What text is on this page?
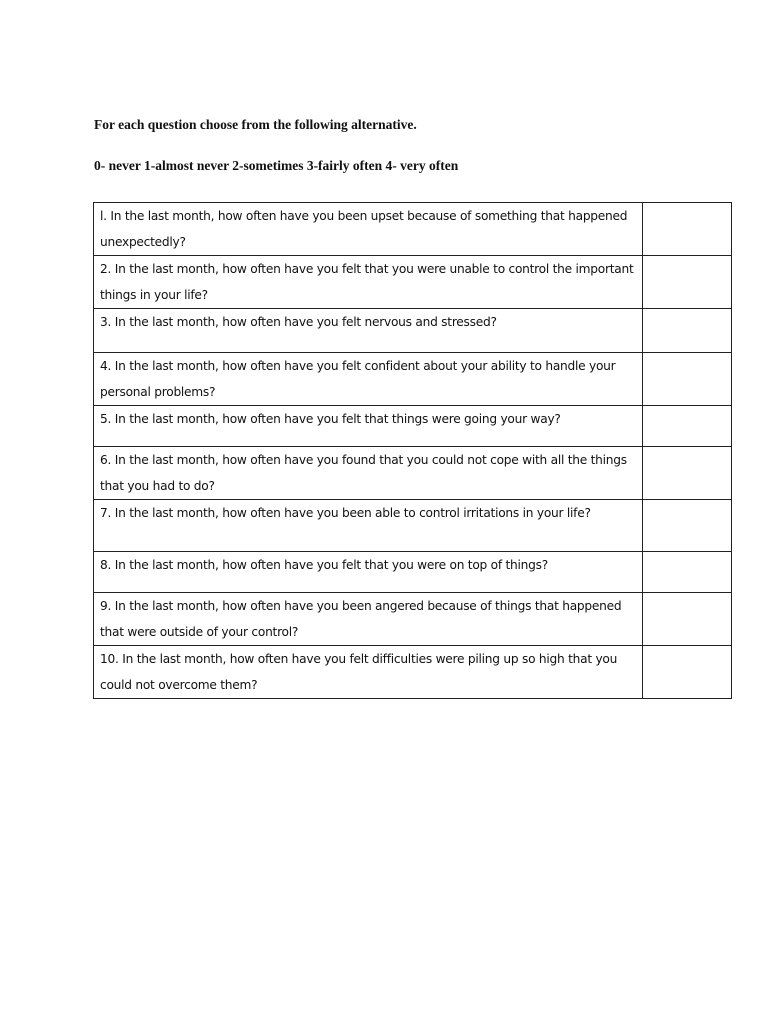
For each question choose from the following alternative.
0- never 1-almost never 2-sometimes 3-fairly often 4- very often
l. In the last month, how often have you been upset because of something that happened unexpectedly?	

2. In the last month, how often have you felt that you were unable to control the important things in your life?	

3. In the last month, how often have you felt nervous and stressed?	

4. In the last month, how often have you felt confident about your ability to handle your personal problems?	

5. In the last month, how often have you felt that things were going your way?	

6. In the last month, how often have you found that you could not cope with all the things that you had to do?	

7. In the last month, how often have you been able to control irritations in your life?	

8. In the last month, how often have you felt that you were on top of things?	

9. In the last month, how often have you been angered because of things that happened that were outside of your control?	

10. In the last month, how often have you felt difficulties were piling up so high that you could not overcome them?	
